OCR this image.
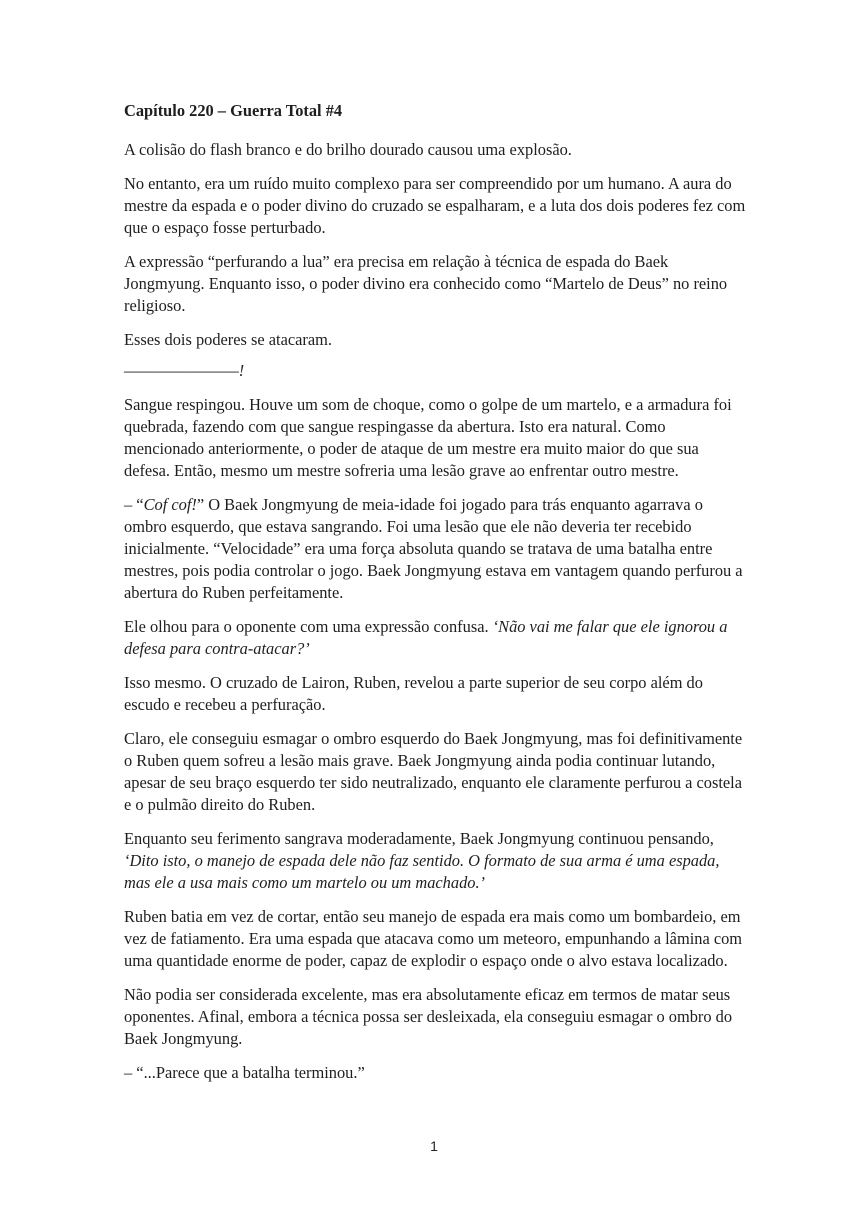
Capítulo 220 – Guerra Total #4

A colisão do flash branco e do brilho dourado causou uma explosão.

No entanto, era um ruído muito complexo para ser compreendido por um humano. A aura do mestre da espada e o poder divino do cruzado se espalharam, e a luta dos dois poderes fez com que o espaço fosse perturbado.

A expressão “perfurando a lua” era precisa em relação à técnica de espada do Baek Jongmyung. Enquanto isso, o poder divino era conhecido como “Martelo de Deus” no reino religioso.

Esses dois poderes se atacaram.

———————!

Sangue respingou. Houve um som de choque, como o golpe de um martelo, e a armadura foi quebrada, fazendo com que sangue respingasse da abertura. Isto era natural. Como mencionado anteriormente, o poder de ataque de um mestre era muito maior do que sua defesa. Então, mesmo um mestre sofreria uma lesão grave ao enfrentar outro mestre.

– “Cof cof!” O Baek Jongmyung de meia-idade foi jogado para trás enquanto agarrava o ombro esquerdo, que estava sangrando. Foi uma lesão que ele não deveria ter recebido inicialmente. “Velocidade” era uma força absoluta quando se tratava de uma batalha entre mestres, pois podia controlar o jogo. Baek Jongmyung estava em vantagem quando perfurou a abertura do Ruben perfeitamente.

Ele olhou para o oponente com uma expressão confusa. ‘Não vai me falar que ele ignorou a defesa para contra-atacar?’

Isso mesmo. O cruzado de Lairon, Ruben, revelou a parte superior de seu corpo além do escudo e recebeu a perfuração.

Claro, ele conseguiu esmagar o ombro esquerdo do Baek Jongmyung, mas foi definitivamente o Ruben quem sofreu a lesão mais grave. Baek Jongmyung ainda podia continuar lutando, apesar de seu braço esquerdo ter sido neutralizado, enquanto ele claramente perfurou a costela e o pulmão direito do Ruben.

Enquanto seu ferimento sangrava moderadamente, Baek Jongmyung continuou pensando, ‘Dito isto, o manejo de espada dele não faz sentido. O formato de sua arma é uma espada, mas ele a usa mais como um martelo ou um machado.’

Ruben batia em vez de cortar, então seu manejo de espada era mais como um bombardeio, em vez de fatiamento. Era uma espada que atacava como um meteoro, empunhando a lâmina com uma quantidade enorme de poder, capaz de explodir o espaço onde o alvo estava localizado.

Não podia ser considerada excelente, mas era absolutamente eficaz em termos de matar seus oponentes. Afinal, embora a técnica possa ser desleixada, ela conseguiu esmagar o ombro do Baek Jongmyung.

– “...Parece que a batalha terminou.”

1
